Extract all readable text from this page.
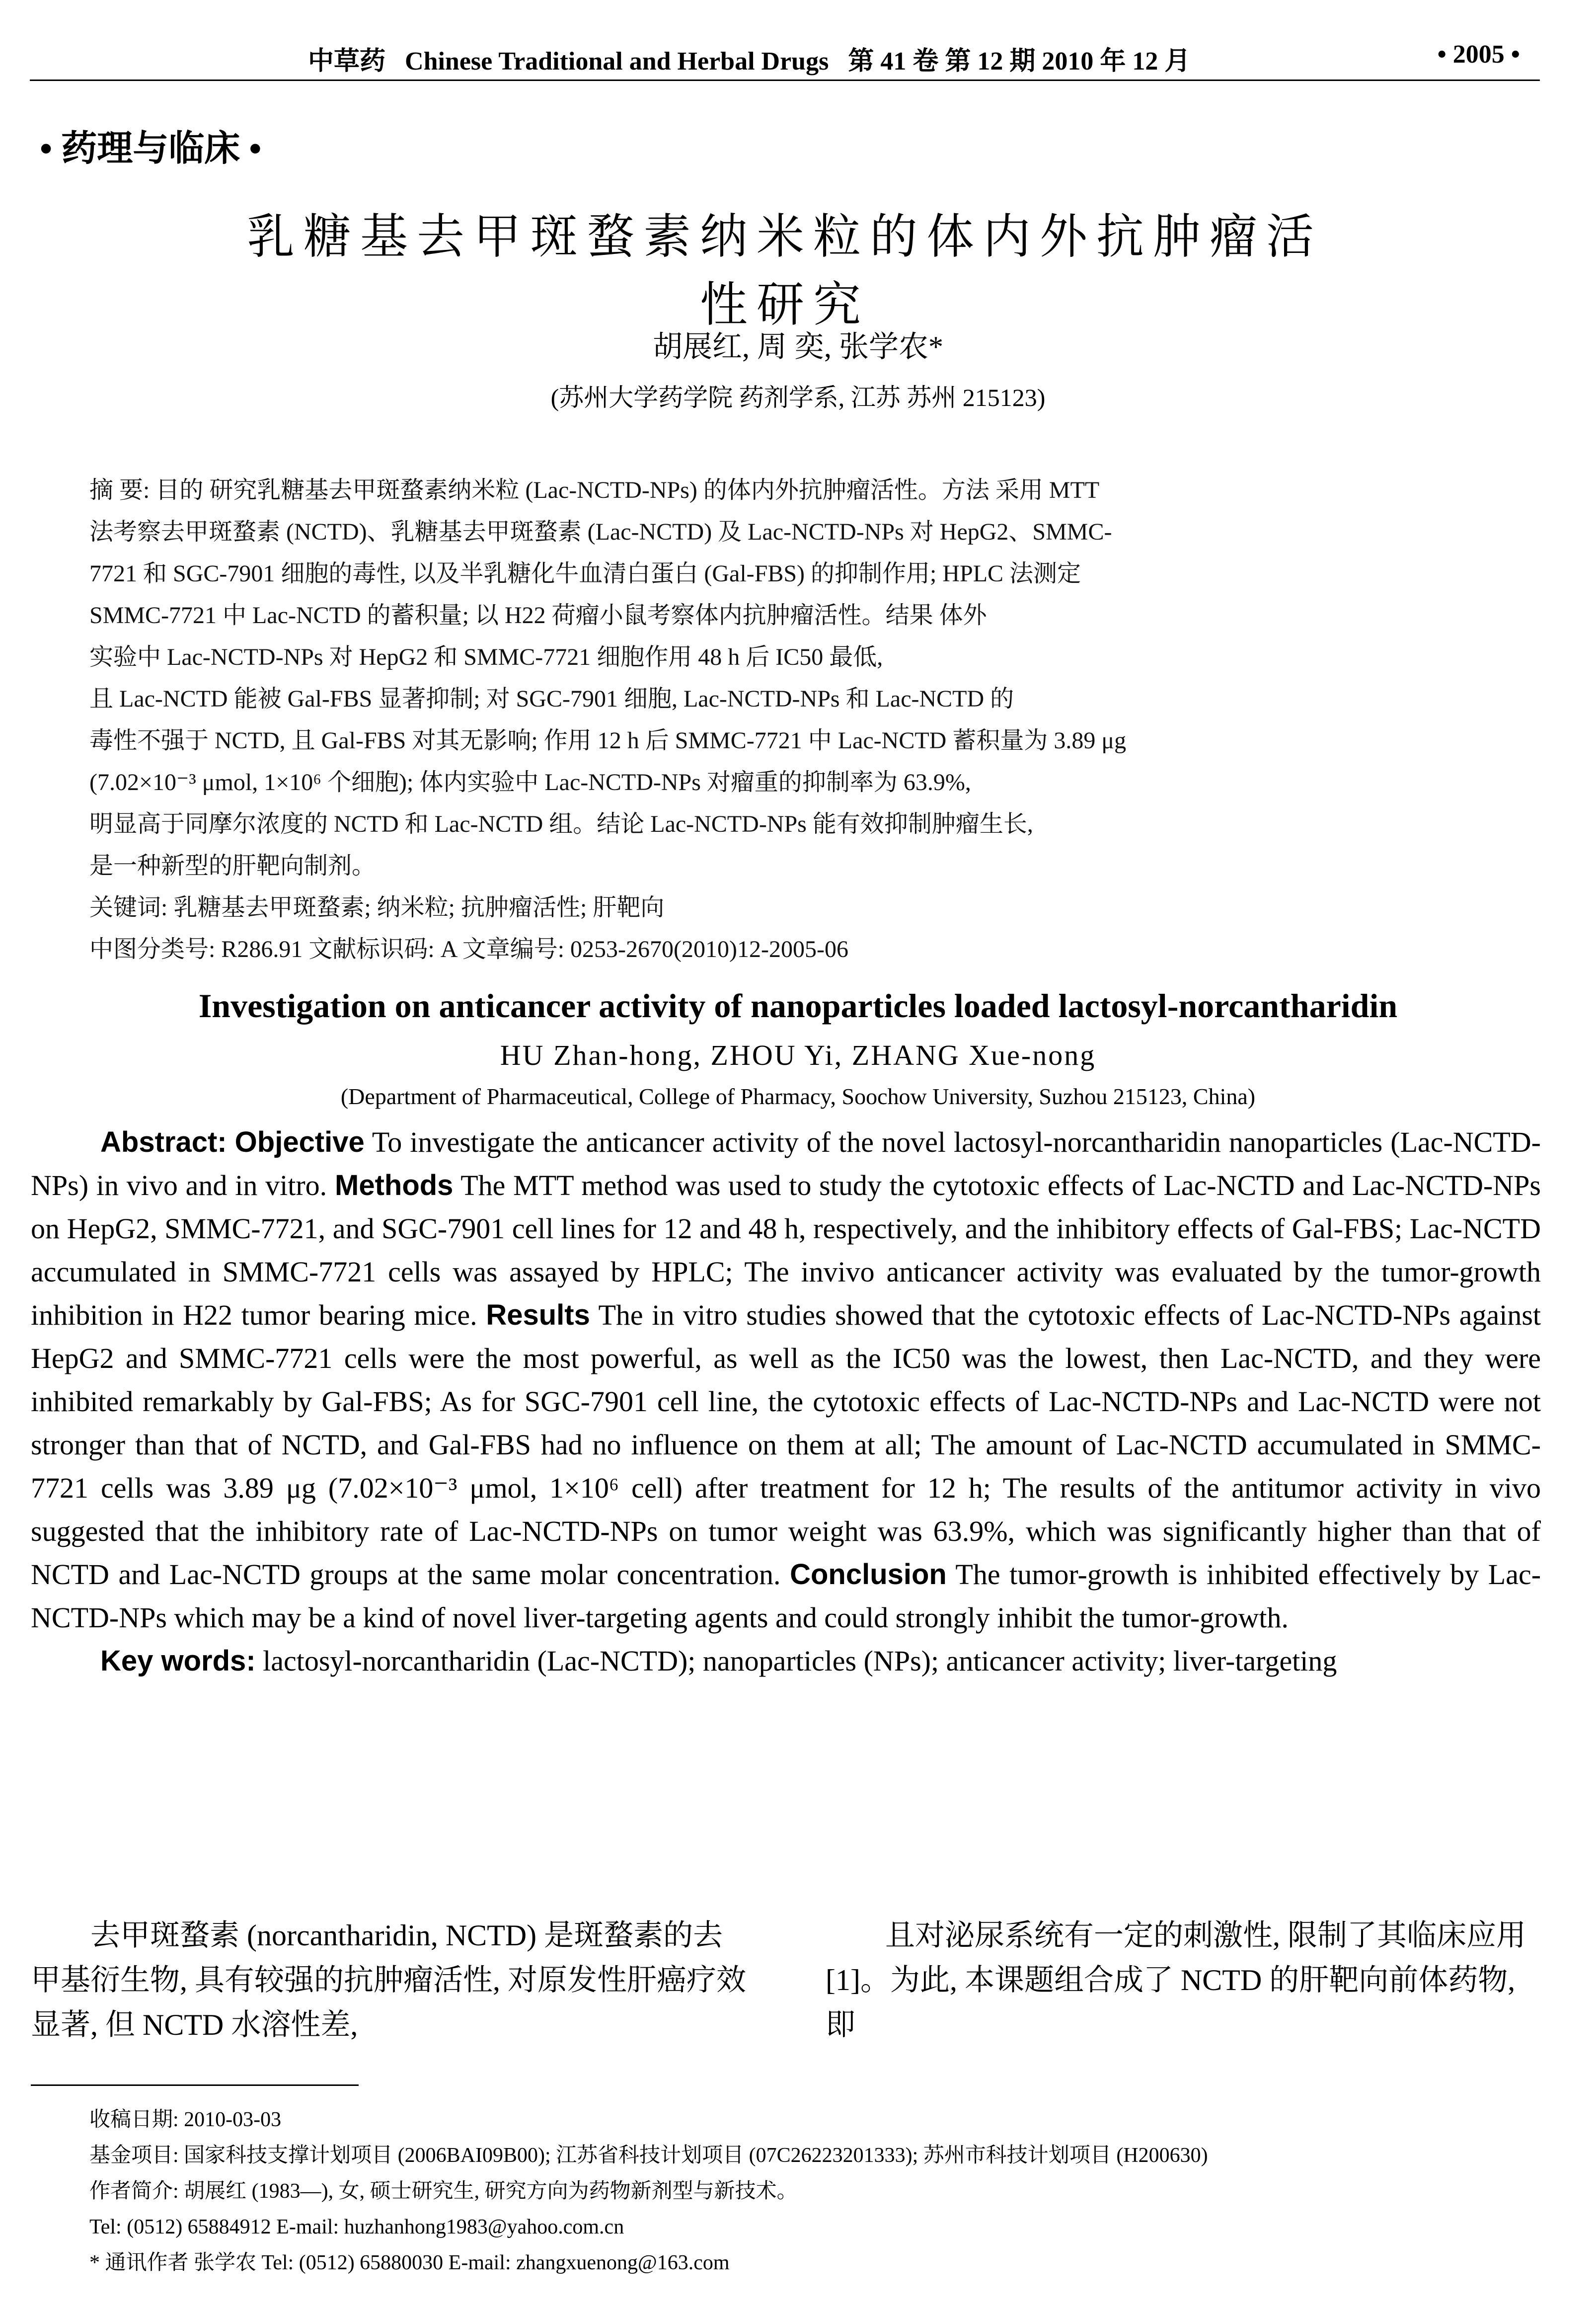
中草药 Chinese Traditional and Herbal Drugs 第 41 卷 第 12 期 2010 年 12 月	• 2005 •
• 药理与临床 •
乳糖基去甲斑蝥素纳米粒的体内外抗肿瘤活性研究
胡展红, 周 奕, 张学农*
(苏州大学药学院 药剂学系, 江苏 苏州 215123)
摘 要: 目的 研究乳糖基去甲斑蝥素纳米粒 (Lac-NCTD-NPs) 的体内外抗肿瘤活性。方法 采用 MTT
法考察去甲斑蝥素 (NCTD)、乳糖基去甲斑蝥素 (Lac-NCTD) 及 Lac-NCTD-NPs 对 HepG2、SMMC-
7721 和 SGC-7901 细胞的毒性, 以及半乳糖化牛血清白蛋白 (Gal-FBS) 的抑制作用; HPLC 法测定
SMMC-7721 中 Lac-NCTD 的蓄积量; 以 H22 荷瘤小鼠考察体内抗肿瘤活性。结果 体外
实验中 Lac-NCTD-NPs 对 HepG2 和 SMMC-7721 细胞作用 48 h 后 IC50 最低,
且 Lac-NCTD 能被 Gal-FBS 显著抑制; 对 SGC-7901 细胞, Lac-NCTD-NPs 和 Lac-NCTD 的
毒性不强于 NCTD, 且 Gal-FBS 对其无影响; 作用 12 h 后 SMMC-7721 中 Lac-NCTD 蓄积量为 3.89 μg
(7.02×10⁻³ μmol, 1×10⁶ 个细胞); 体内实验中 Lac-NCTD-NPs 对瘤重的抑制率为 63.9%,
明显高于同摩尔浓度的 NCTD 和 Lac-NCTD 组。结论 Lac-NCTD-NPs 能有效抑制肿瘤生长,
是一种新型的肝靶向制剂。
关键词: 乳糖基去甲斑蝥素; 纳米粒; 抗肿瘤活性; 肝靶向
中图分类号: R286.91 文献标识码: A 文章编号: 0253-2670(2010)12-2005-06
Investigation on anticancer activity of nanoparticles loaded lactosyl-norcantharidin
HU Zhan-hong, ZHOU Yi, ZHANG Xue-nong
(Department of Pharmaceutical, College of Pharmacy, Soochow University, Suzhou 215123, China)

Abstract: Objective To investigate the anticancer activity of the novel lactosyl-norcantharidin nanoparticles (Lac-NCTD-NPs) in vivo and in vitro. Methods The MTT method was used to study the cytotoxic effects of Lac-NCTD and Lac-NCTD-NPs on HepG2, SMMC-7721, and SGC-7901 cell lines for 12 and 48 h, respectively, and the inhibitory effects of Gal-FBS; Lac-NCTD accumulated in SMMC-7721 cells was assayed by HPLC; The invivo anticancer activity was evaluated by the tumor-growth inhibition in H22 tumor bearing mice. Results The in vitro studies showed that the cytotoxic effects of Lac-NCTD-NPs against HepG2 and SMMC-7721 cells were the most powerful, as well as the IC50 was the lowest, then Lac-NCTD, and they were inhibited remarkably by Gal-FBS; As for SGC-7901 cell line, the cytotoxic effects of Lac-NCTD-NPs and Lac-NCTD were not stronger than that of NCTD, and Gal-FBS had no influence on them at all; The amount of Lac-NCTD accumulated in SMMC-7721 cells was 3.89 μg (7.02×10⁻³ μmol, 1×10⁶ cell) after treatment for 12 h; The results of the antitumor activity in vivo suggested that the inhibitory rate of Lac-NCTD-NPs on tumor weight was 63.9%, which was significantly higher than that of NCTD and Lac-NCTD groups at the same molar concentration. Conclusion The tumor-growth is inhibited effectively by Lac-NCTD-NPs which may be a kind of novel liver-targeting agents and could strongly inhibit the tumor-growth.

Key words: lactosyl-norcantharidin (Lac-NCTD); nanoparticles (NPs); anticancer activity; liver-targeting

去甲斑蝥素 (norcantharidin, NCTD) 是斑蝥素的去甲基衍生物, 具有较强的抗肿瘤活性, 对原发性肝癌疗效显著, 但 NCTD 水溶性差,

且对泌尿系统有一定的刺激性, 限制了其临床应用[1]。为此, 本课题组合成了 NCTD 的肝靶向前体药物, 即

收稿日期: 2010-03-03
基金项目: 国家科技支撑计划项目 (2006BAI09B00); 江苏省科技计划项目 (07C26223201333); 苏州市科技计划项目 (H200630)
作者简介: 胡展红 (1983—), 女, 硕士研究生, 研究方向为药物新剂型与新技术。
Tel: (0512) 65884912 E-mail: huzhanhong1983@yahoo.com.cn
* 通讯作者 张学农 Tel: (0512) 65880030 E-mail: zhangxuenong@163.com
